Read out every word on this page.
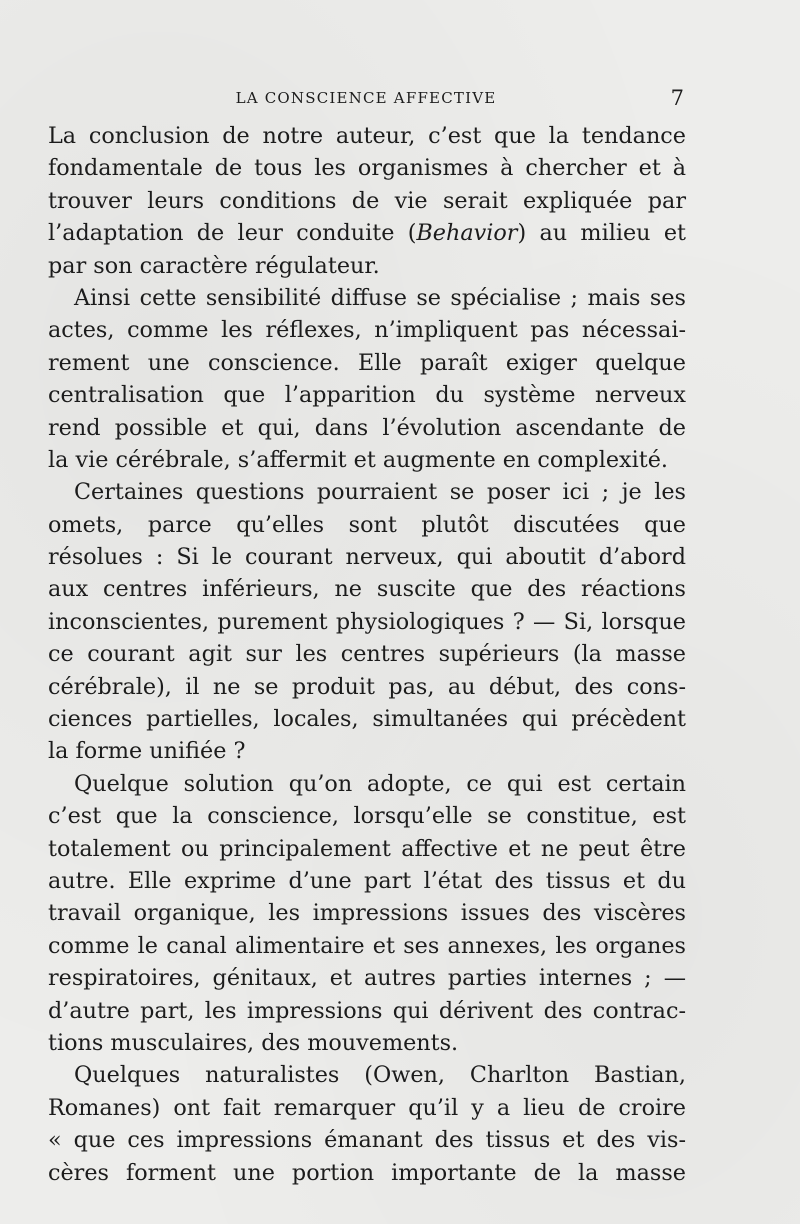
LA CONSCIENCE AFFECTIVE	7
La conclusion de notre auteur, c’est que la tendance
fondamentale de tous les organismes à chercher et à
trouver leurs conditions de vie serait expliquée par
l’adaptation de leur conduite (Behavior) au milieu et
par son caractère régulateur.
Ainsi cette sensibilité diffuse se spécialise ; mais ses
actes, comme les réflexes, n’impliquent pas nécessai-
rement une conscience. Elle paraît exiger quelque
centralisation que l’apparition du système nerveux
rend possible et qui, dans l’évolution ascendante de
la vie cérébrale, s’affermit et augmente en complexité.
Certaines questions pourraient se poser ici ; je les
omets, parce qu’elles sont plutôt discutées que
résolues : Si le courant nerveux, qui aboutit d’abord
aux centres inférieurs, ne suscite que des réactions
inconscientes, purement physiologiques ? — Si, lorsque
ce courant agit sur les centres supérieurs (la masse
cérébrale), il ne se produit pas, au début, des cons-
ciences partielles, locales, simultanées qui précèdent
la forme unifiée ?
Quelque solution qu’on adopte, ce qui est certain
c’est que la conscience, lorsqu’elle se constitue, est
totalement ou principalement affective et ne peut être
autre. Elle exprime d’une part l’état des tissus et du
travail organique, les impressions issues des viscères
comme le canal alimentaire et ses annexes, les organes
respiratoires, génitaux, et autres parties internes ; —
d’autre part, les impressions qui dérivent des contrac-
tions musculaires, des mouvements.
Quelques naturalistes (Owen, Charlton Bastian,
Romanes) ont fait remarquer qu’il y a lieu de croire
« que ces impressions émanant des tissus et des vis-
cères forment une portion importante de la masse
